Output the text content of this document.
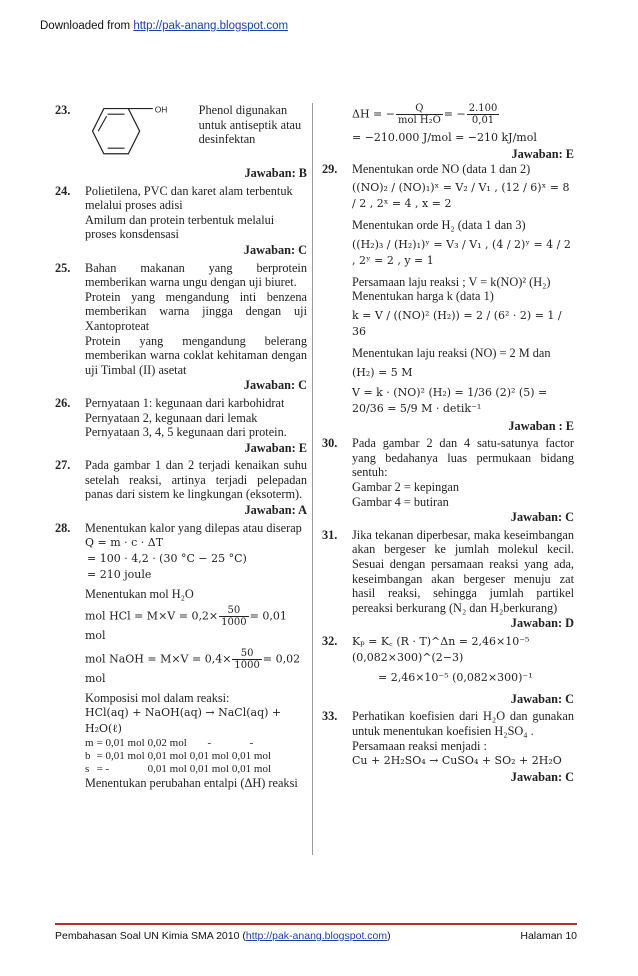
Downloaded from http://pak-anang.blogspot.com
23.	OH	Phenol digunakan untuk antiseptik atau desinfektan
Jawaban: B
24. Polietilena, PVC dan karet alam terbentuk melalui proses adisi
Amilum dan protein terbentuk melalui proses konsdensasi
Jawaban: C
25. Bahan makanan yang berprotein memberikan warna ungu dengan uji biuret.
Protein yang mengandung inti benzena memberikan warna jingga dengan uji Xantoproteat
Protein yang mengandung belerang memberikan warna coklat kehitaman dengan uji Timbal (II) asetat
Jawaban: C
26. Pernyataan 1: kegunaan dari karbohidrat
Pernyataan 2, kegunaan dari lemak
Pernyataan 3, 4, 5 kegunaan dari protein.
Jawaban: E
27. Pada gambar 1 dan 2 terjadi kenaikan suhu setelah reaksi, artinya terjadi pelepadan panas dari sistem ke lingkungan (eksoterm).
Jawaban: A
28. Menentukan kalor yang dilepas atau diserap
Q = m · c · ΔT
= 100 · 4,2 · (30 °C − 25 °C)
= 210 joule
Menentukan mol H₂O
mol HCl = $M\times V = 0,2\times \frac{50}{1000} = 0,01$ mol
mol NaOH = $M\times V = 0,4\times \frac{50}{1000} = 0,02$ mol
Komposisi mol dalam reaksi:
HCl(aq) + NaOH(aq) → NaCl(aq) + H₂O(ℓ)
m	= 0,01 mol	0,02 mol	-	-
b	= 0,01 mol	0,01 mol	0,01 mol	0,01 mol
s	= -	0,01 mol	0,01 mol	0,01 mol
Menentukan perubahan entalpi (ΔH) reaksi
ΔH = − $\frac{Q}{\text{mol H₂O}}$ = − $\frac{2.100}{0,01}$
= −210.000 J/mol = −210 kJ/mol
Jawaban: E
29. Menentukan orde NO (data 1 dan 2)
((NO)₂ / (NO)₁)ˣ = V₂ / V₁ , (12 / 6)ˣ = 8 / 2 , 2ˣ = 4 , x = 2
Menentukan orde H₂ (data 1 dan 3)
((H₂)₃ / (H₂)₁)ʸ = V₃ / V₁ , (4 / 2)ʸ = 4 / 2 , 2ʸ = 2 , y = 1
Persamaan laju reaksi ; V = k(NO)² (H₂)
Menentukan harga k (data 1)
k = V / ((NO)² (H₂)) = 2 / (6² · 2) = 1 / 36
Menentukan laju reaksi (NO) = 2 M dan
(H₂) = 5 M
V = k · (NO)² (H₂) = 1/36 (2)² (5) = 20/36 = 5/9 M · detik⁻¹
Jawaban : E
30. Pada gambar 2 dan 4 satu-satunya factor yang bedahanya luas permukaan bidang sentuh:
Gambar 2 = kepingan
Gambar 4 = butiran
Jawaban: C
31. Jika tekanan diperbesar, maka keseimbangan akan bergeser ke jumlah molekul kecil. Sesuai dengan persamaan reaksi yang ada, keseimbangan akan bergeser menuju zat hasil reaksi, sehingga jumlah partikel pereaksi berkurang (N₂ dan H₂berkurang)
Jawaban: D
32. Kₚ = K꜀ (R · T)^Δn = 2,46×10⁻⁵ (0,082×300)^(2−3)
= 2,46×10⁻⁵ (0,082×300)⁻¹
Jawaban: C
33. Perhatikan koefisien dari H₂O dan gunakan untuk menentukan koefisien H₂SO₄ .
Persamaan reaksi menjadi :
Cu + 2H₂SO₄ → CuSO₄ + SO₂ + 2H₂O
Jawaban: C
Pembahasan Soal UN Kimia SMA 2010 (http://pak-anang.blogspot.com)	Halaman 10
